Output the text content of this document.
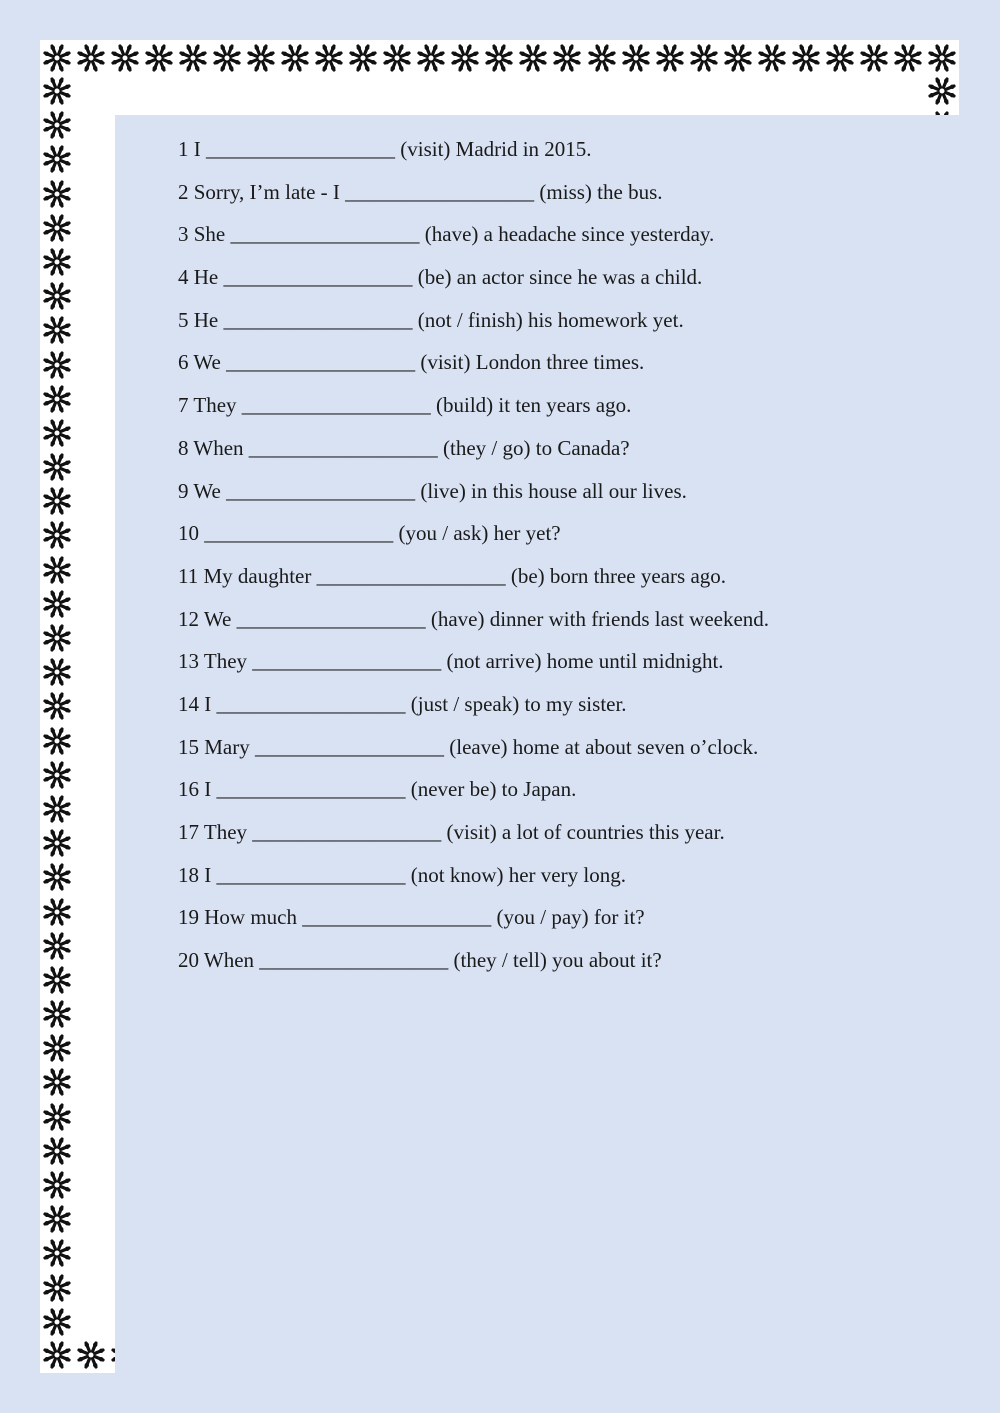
1 I __________________ (visit) Madrid in 2015.
2 Sorry, I’m late - I __________________ (miss) the bus.
3 She __________________ (have) a headache since yesterday.
4 He __________________ (be) an actor since he was a child.
5 He __________________ (not / finish) his homework yet.
6 We __________________ (visit) London three times.
7 They __________________ (build) it ten years ago.
8 When __________________ (they / go) to Canada?
9 We __________________ (live) in this house all our lives.
10 __________________ (you / ask) her yet?
11 My daughter __________________ (be) born three years ago.
12 We __________________ (have) dinner with friends last weekend.
13 They __________________ (not arrive) home until midnight.
14 I __________________ (just / speak) to my sister.
15 Mary __________________ (leave) home at about seven o’clock.
16 I __________________ (never be) to Japan.
17 They __________________ (visit) a lot of countries this year.
18 I __________________ (not know) her very long.
19 How much __________________ (you / pay) for it?
20 When __________________ (they / tell) you about it?
